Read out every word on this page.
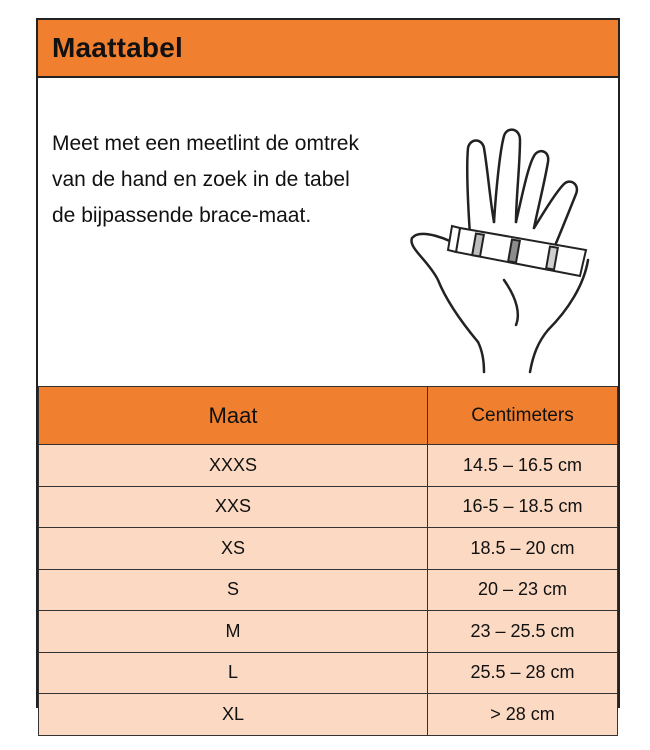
Maattabel
Meet met een meetlint de omtrek
van de hand en zoek in de tabel
de bijpassende brace-maat.
Maat	Centimeters
XXXS	14.5 – 16.5 cm
XXS	16-5 – 18.5 cm
XS	18.5 – 20 cm
S	20 – 23 cm
M	23 – 25.5 cm
L	25.5 – 28 cm
XL	> 28 cm
